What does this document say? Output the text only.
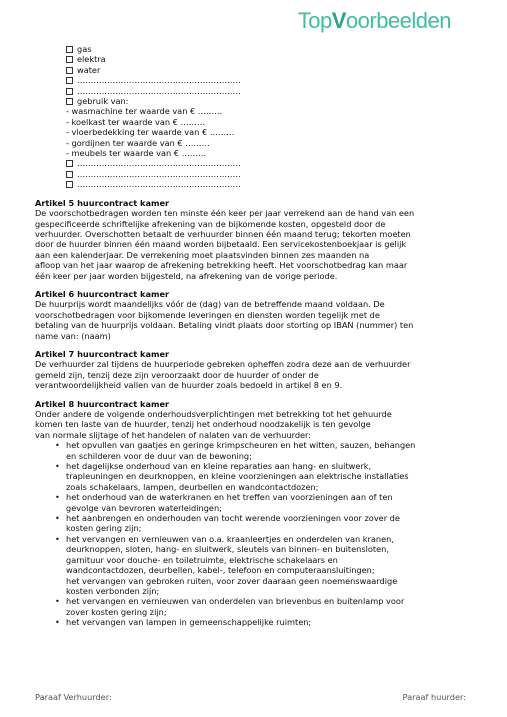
TopVoorbeelden
gas
elektra
water
……………………………………………………
……………………………………………………
gebruik van:
- wasmachine ter waarde van € ………
- koelkast ter waarde van € ………
- vloerbedekking ter waarde van € ………
- gordijnen ter waarde van € ………
- meubels ter waarde van € ………
……………………………………………………
……………………………………………………
……………………………………………………
Artikel 5 huurcontract kamer

De voorschotbedragen worden ten minste één keer per jaar verrekend aan de hand van een
gespecificeerde schriftelijke afrekening van de bijkomende kosten, opgesteld door de
verhuurder. Overschotten betaalt de verhuurder binnen één maand terug; tekorten moeten
door de huurder binnen één maand worden bijbetaald. Een servicekostenboekjaar is gelijk
aan een kalenderjaar. De verrekening moet plaatsvinden binnen zes maanden na
afloop van het jaar waarop de afrekening betrekking heeft. Het voorschotbedrag kan maar
één keer per jaar worden bijgesteld, na afrekening van de vorige periode.

Artikel 6 huurcontract kamer

De huurprijs wordt maandelijks vóór de (dag) van de betreffende maand voldaan. De
voorschotbedragen voor bijkomende leveringen en diensten worden tegelijk met de
betaling van de huurprijs voldaan. Betaling vindt plaats door storting op IBAN (nummer) ten
name van: (naam)

Artikel 7 huurcontract kamer

De verhuurder zal tijdens de huurperiode gebreken opheffen zodra deze aan de verhuurder
gemeld zijn, tenzij deze zijn veroorzaakt door de huurder of onder de
verantwoordelijkheid vallen van de huurder zoals bedoeld in artikel 8 en 9.

Artikel 8 huurcontract kamer

Onder andere de volgende onderhoudsverplichtingen met betrekking tot het gehuurde
komen ten laste van de huurder, tenzij het onderhoud noodzakelijk is ten gevolge
van normale slijtage of het handelen of nalaten van de verhuurder:

• het opvullen van gaatjes en geringe krimpscheuren en het witten, sauzen, behangen
en schilderen voor de duur van de bewoning;
• het dagelijkse onderhoud van en kleine reparaties aan hang- en sluitwerk,
trapleuningen en deurknoppen, en kleine voorzieningen aan elektrische installaties
zoals schakelaars, lampen, deurbellen en wandcontactdozen;
• het onderhoud van de waterkranen en het treffen van voorzieningen aan of ten
gevolge van bevroren waterleidingen;
• het aanbrengen en onderhouden van tocht werende voorzieningen voor zover de
kosten gering zijn;
• het vervangen en vernieuwen van o.a. kraanleertjes en onderdelen van kranen,
deurknoppen, sloten, hang- en sluitwerk, sleutels van binnen- en buitensloten,
garnituur voor douche- en toiletruimte, elektrische schakelaars en
wandcontactdozen, deurbellen, kabel-, telefoon en computeraansluitingen;
het vervangen van gebroken ruiten, voor zover daaraan geen noemenswaardige
kosten verbonden zijn;
• het vervangen en vernieuwen van onderdelen van brievenbus en buitenlamp voor
zover kosten gering zijn;
• het vervangen van lampen in gemeenschappelijke ruimten;
Paraaf Verhuurder:	Paraaf huurder:
